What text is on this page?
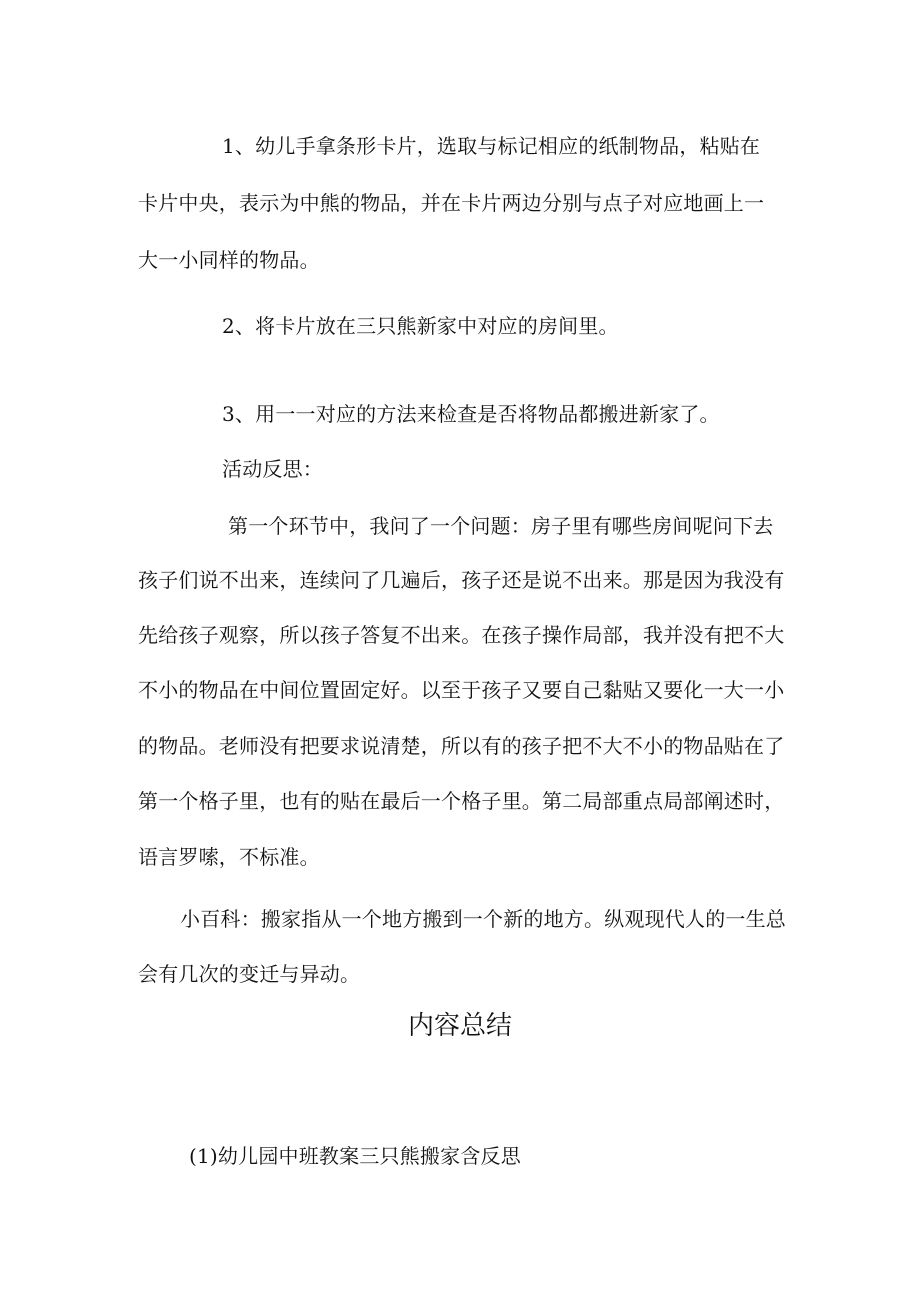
1、幼儿手拿条形卡片，选取与标记相应的纸制物品，粘贴在
卡片中央，表示为中熊的物品，并在卡片两边分别与点子对应地画上一
大一小同样的物品。
2、将卡片放在三只熊新家中对应的房间里。
3、用一一对应的方法来检查是否将物品都搬进新家了。
活动反思：
第一个环节中，我问了一个问题：房子里有哪些房间呢问下去
孩子们说不出来，连续问了几遍后，孩子还是说不出来。那是因为我没有
先给孩子观察，所以孩子答复不出来。在孩子操作局部，我并没有把不大
不小的物品在中间位置固定好。以至于孩子又要自己黏贴又要化一大一小
的物品。老师没有把要求说清楚，所以有的孩子把不大不小的物品贴在了
第一个格子里，也有的贴在最后一个格子里。第二局部重点局部阐述时，
语言罗嗦，不标准。
小百科：搬家指从一个地方搬到一个新的地方。纵观现代人的一生总
会有几次的变迁与异动。
内容总结
(1)幼儿园中班教案三只熊搬家含反思
